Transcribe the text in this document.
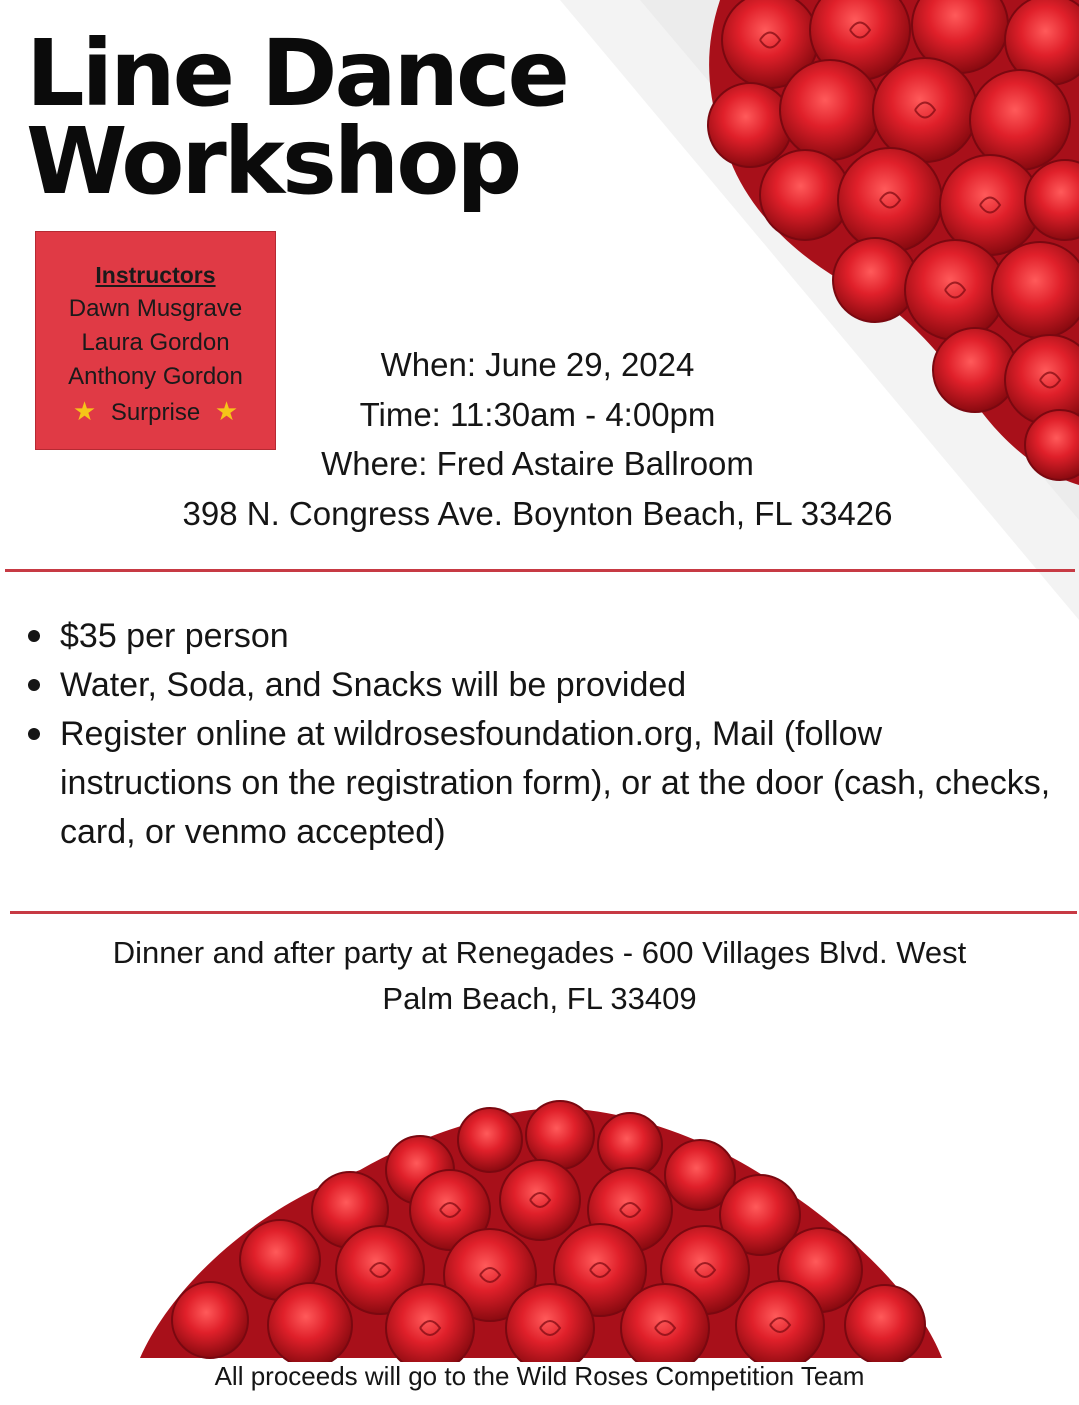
Line Dance
Workshop
Instructors
Dawn Musgrave
Laura Gordon
Anthony Gordon
★ Surprise ★
When: June 29, 2024
Time: 11:30am - 4:00pm
Where: Fred Astaire Ballroom
398 N. Congress Ave. Boynton Beach, FL 33426
$35 per person
Water, Soda, and Snacks will be provided
Register online at wildrosesfoundation.org, Mail (follow instructions on the registration form), or at the door (cash, checks, card, or venmo accepted)
Dinner and after party at Renegades - 600 Villages Blvd. West
Palm Beach, FL 33409
All proceeds will go to the Wild Roses Competition Team
